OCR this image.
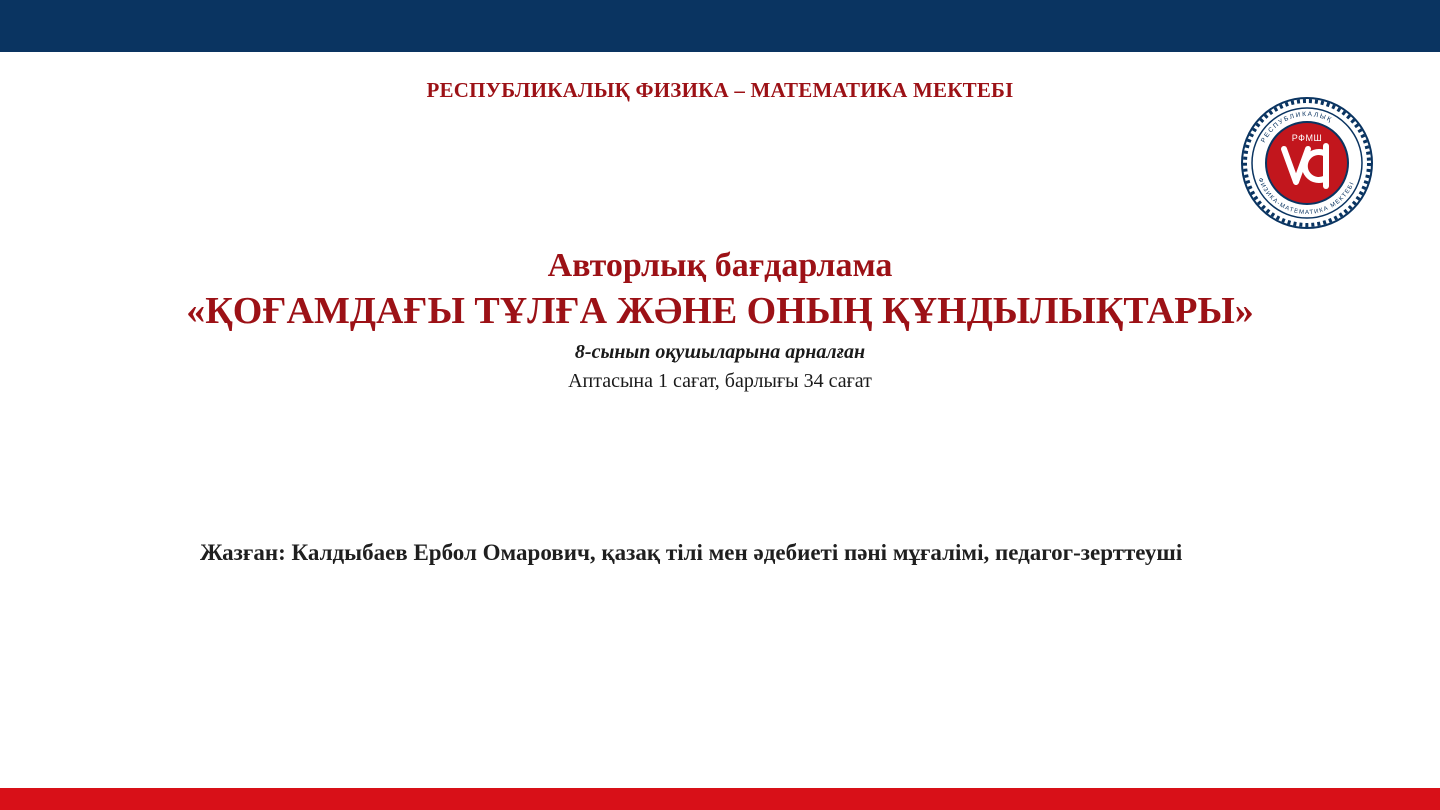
РЕСПУБЛИКАЛЫҚ ФИЗИКА – МАТЕМАТИКА МЕКТЕБІ
РЕСПУБЛИКАЛЫҚ
ФИЗИКА-МАТЕМАТИКА МЕКТЕБІ
РФМШ
Авторлық бағдарлама
«ҚОҒАМДАҒЫ ТҰЛҒА ЖӘНЕ ОНЫҢ ҚҰНДЫЛЫҚТАРЫ»
8-сынып оқушыларына арналған
Аптасына 1 сағат, барлығы 34 сағат
Жазған: Калдыбаев Ербол Омарович, қазақ тілі мен әдебиеті пәні мұғалімі, педагог-зерттеуші
